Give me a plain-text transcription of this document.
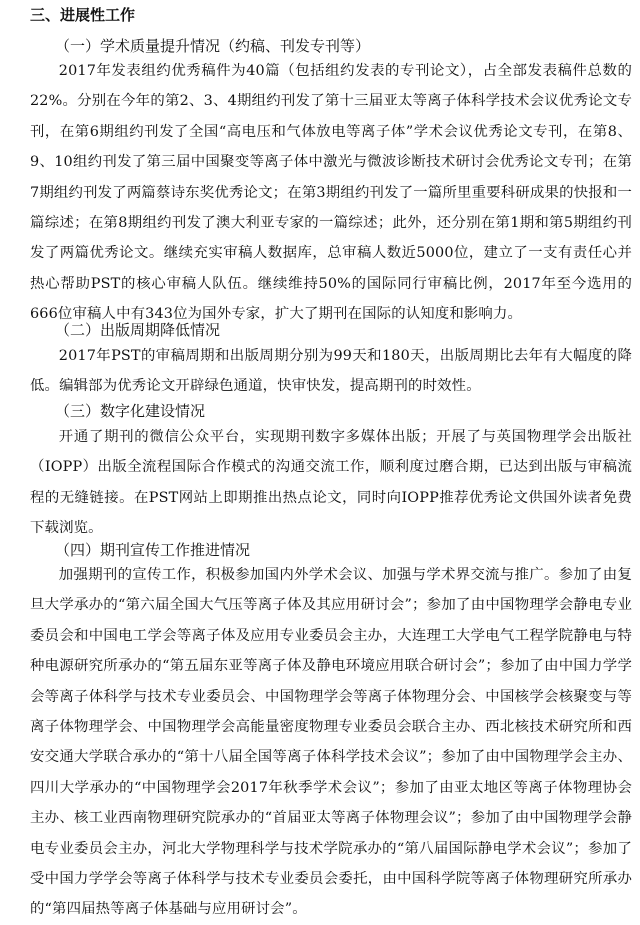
三、进展性工作

（一）学术质量提升情况（约稿、刊发专刊等）

2017年发表组约优秀稿件为40篇（包括组约发表的专刊论文），占全部发表稿件总数的22%。分别在今年的第2、3、4期组约刊发了第十三届亚太等离子体科学技术会议优秀论文专刊，在第6期组约刊发了全国“高电压和气体放电等离子体”学术会议优秀论文专刊，在第8、9、10组约刊发了第三届中国聚变等离子体中激光与微波诊断技术研讨会优秀论文专刊；在第7期组约刊发了两篇蔡诗东奖优秀论文；在第3期组约刊发了一篇所里重要科研成果的快报和一篇综述；在第8期组约刊发了澳大利亚专家的一篇综述；此外，还分别在第1期和第5期组约刊发了两篇优秀论文。继续充实审稿人数据库，总审稿人数近5000位，建立了一支有责任心并热心帮助PST的核心审稿人队伍。继续维持50%的国际同行审稿比例，2017年至今选用的666位审稿人中有343位为国外专家，扩大了期刊在国际的认知度和影响力。

（二）出版周期降低情况

2017年PST的审稿周期和出版周期分别为99天和180天，出版周期比去年有大幅度的降低。编辑部为优秀论文开辟绿色通道，快审快发，提高期刊的时效性。

（三）数字化建设情况

开通了期刊的微信公众平台，实现期刊数字多媒体出版；开展了与英国物理学会出版社（IOPP）出版全流程国际合作模式的沟通交流工作，顺利度过磨合期，已达到出版与审稿流程的无缝链接。在PST网站上即期推出热点论文，同时向IOPP推荐优秀论文供国外读者免费下载浏览。

（四）期刊宣传工作推进情况

加强期刊的宣传工作，积极参加国内外学术会议、加强与学术界交流与推广。参加了由复旦大学承办的“第六届全国大气压等离子体及其应用研讨会”；参加了由中国物理学会静电专业委员会和中国电工学会等离子体及应用专业委员会主办，大连理工大学电气工程学院静电与特种电源研究所承办的“第五届东亚等离子体及静电环境应用联合研讨会”；参加了由中国力学学会等离子体科学与技术专业委员会、中国物理学会等离子体物理分会、中国核学会核聚变与等离子体物理学会、中国物理学会高能量密度物理专业委员会联合主办、西北核技术研究所和西安交通大学联合承办的“第十八届全国等离子体科学技术会议”；参加了由中国物理学会主办、四川大学承办的“中国物理学会2017年秋季学术会议”；参加了由亚太地区等离子体物理协会主办、核工业西南物理研究院承办的“首届亚太等离子体物理会议”；参加了由中国物理学会静电专业委员会主办，河北大学物理科学与技术学院承办的“第八届国际静电学术会议”；参加了受中国力学学会等离子体科学与技术专业委员会委托，由中国科学院等离子体物理研究所承办的“第四届热等离子体基础与应用研讨会”。
